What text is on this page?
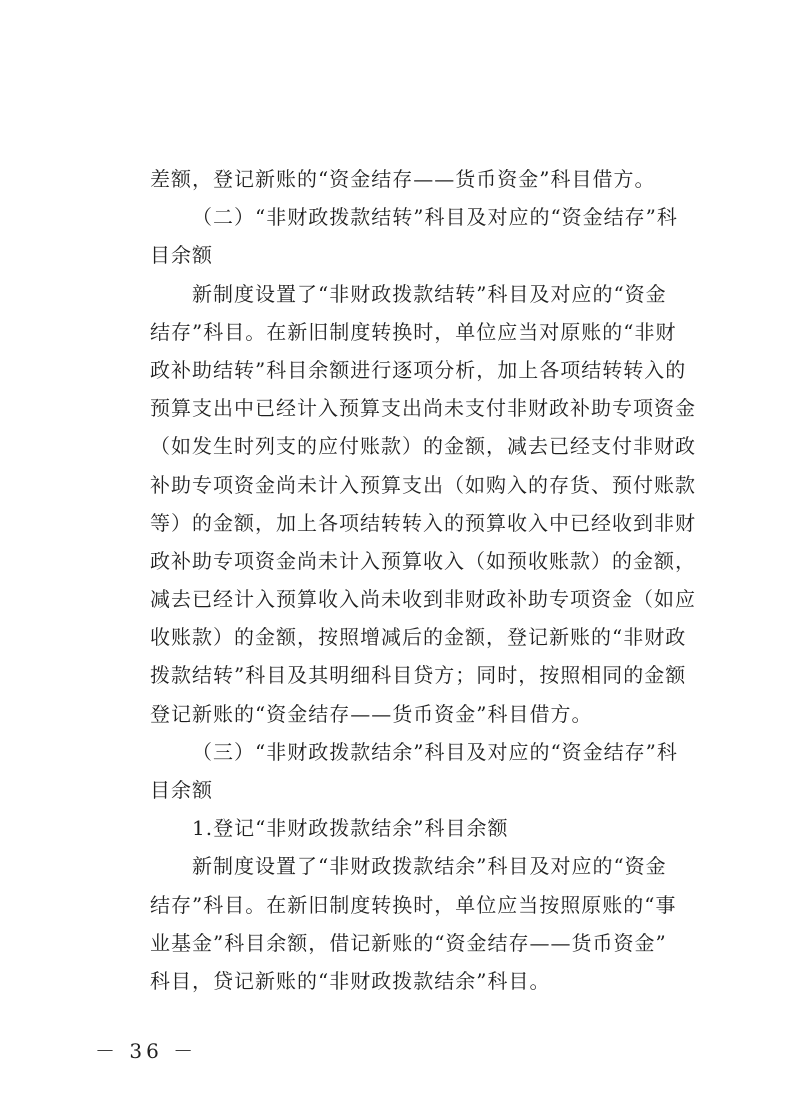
差额，登记新账的“资金结存——货币资金”科目借方。
（二）“非财政拨款结转”科目及对应的“资金结存”科
目余额
新制度设置了“非财政拨款结转”科目及对应的“资金
结存”科目。在新旧制度转换时，单位应当对原账的“非财
政补助结转”科目余额进行逐项分析，加上各项结转转入的
预算支出中已经计入预算支出尚未支付非财政补助专项资金
（如发生时列支的应付账款）的金额，减去已经支付非财政
补助专项资金尚未计入预算支出（如购入的存货、预付账款
等）的金额，加上各项结转转入的预算收入中已经收到非财
政补助专项资金尚未计入预算收入（如预收账款）的金额，
减去已经计入预算收入尚未收到非财政补助专项资金（如应
收账款）的金额，按照增减后的金额，登记新账的“非财政
拨款结转”科目及其明细科目贷方；同时，按照相同的金额
登记新账的“资金结存——货币资金”科目借方。
（三）“非财政拨款结余”科目及对应的“资金结存”科
目余额
1.登记“非财政拨款结余”科目余额
新制度设置了“非财政拨款结余”科目及对应的“资金
结存”科目。在新旧制度转换时，单位应当按照原账的“事
业基金”科目余额，借记新账的“资金结存——货币资金”
科目，贷记新账的“非财政拨款结余”科目。
－ 36 －
